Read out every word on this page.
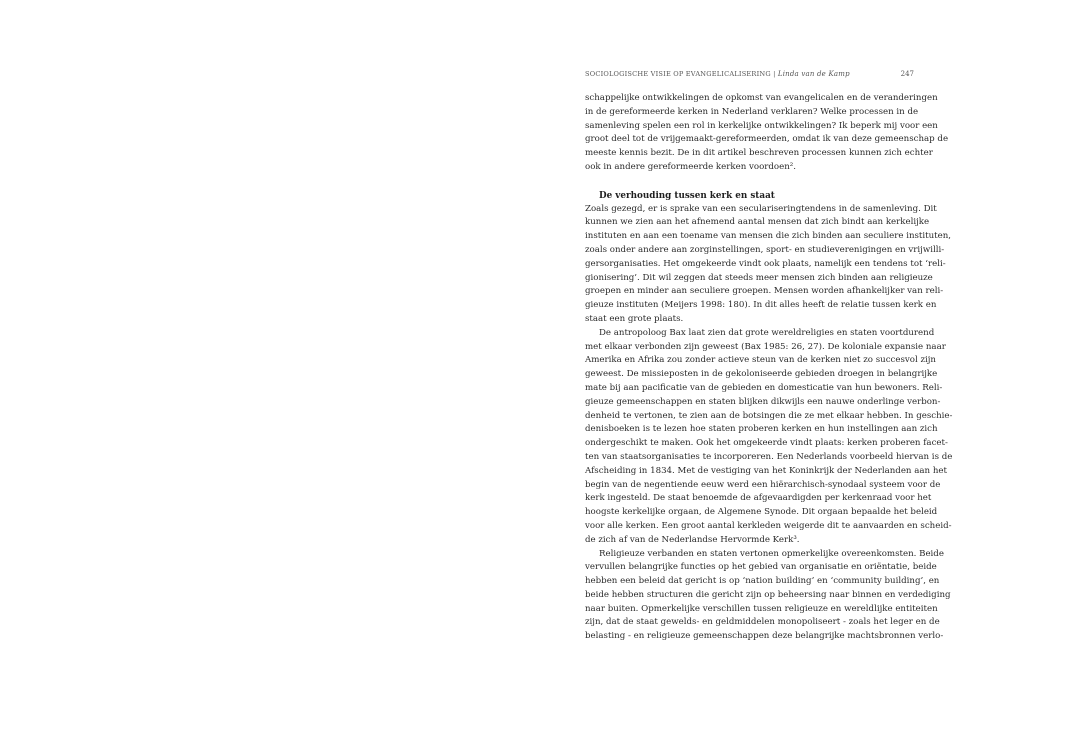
SOCIOLOGISCHE VISIE OP EVANGELICALISERING | Linda van de Kamp	247
schappelijke ontwikkelingen de opkomst van evangelicalen en de veranderingen
in de gereformeerde kerken in Nederland verklaren? Welke processen in de
samenleving spelen een rol in kerkelijke ontwikkelingen? Ik beperk mij voor een
groot deel tot de vrijgemaakt-gereformeerden, omdat ik van deze gemeenschap de
meeste kennis bezit. De in dit artikel beschreven processen kunnen zich echter
ook in andere gereformeerde kerken voordoen².
De verhouding tussen kerk en staat
Zoals gezegd, er is sprake van een seculariseringtendens in de samenleving. Dit
kunnen we zien aan het afnemend aantal mensen dat zich bindt aan kerkelijke
instituten en aan een toename van mensen die zich binden aan seculiere instituten,
zoals onder andere aan zorginstellingen, sport- en studieverenigingen en vrijwilli-
gersorganisaties. Het omgekeerde vindt ook plaats, namelijk een tendens tot ‘reli-
gionisering’. Dit wil zeggen dat steeds meer mensen zich binden aan religieuze
groepen en minder aan seculiere groepen. Mensen worden afhankelijker van reli-
gieuze instituten (Meijers 1998: 180). In dit alles heeft de relatie tussen kerk en
staat een grote plaats.
De antropoloog Bax laat zien dat grote wereldreligies en staten voortdurend
met elkaar verbonden zijn geweest (Bax 1985: 26, 27). De koloniale expansie naar
Amerika en Afrika zou zonder actieve steun van de kerken niet zo succesvol zijn
geweest. De missieposten in de gekoloniseerde gebieden droegen in belangrijke
mate bij aan pacificatie van de gebieden en domesticatie van hun bewoners. Reli-
gieuze gemeenschappen en staten blijken dikwijls een nauwe onderlinge verbon-
denheid te vertonen, te zien aan de botsingen die ze met elkaar hebben. In geschie-
denisboeken is te lezen hoe staten proberen kerken en hun instellingen aan zich
ondergeschikt te maken. Ook het omgekeerde vindt plaats: kerken proberen facet-
ten van staatsorganisaties te incorporeren. Een Nederlands voorbeeld hiervan is de
Afscheiding in 1834. Met de vestiging van het Koninkrijk der Nederlanden aan het
begin van de negentiende eeuw werd een hiërarchisch-synodaal systeem voor de
kerk ingesteld. De staat benoemde de afgevaardigden per kerkenraad voor het
hoogste kerkelijke orgaan, de Algemene Synode. Dit orgaan bepaalde het beleid
voor alle kerken. Een groot aantal kerkleden weigerde dit te aanvaarden en scheid-
de zich af van de Nederlandse Hervormde Kerk³.
Religieuze verbanden en staten vertonen opmerkelijke overeenkomsten. Beide
vervullen belangrijke functies op het gebied van organisatie en oriëntatie, beide
hebben een beleid dat gericht is op ‘nation building’ en ‘community building’, en
beide hebben structuren die gericht zijn op beheersing naar binnen en verdediging
naar buiten. Opmerkelijke verschillen tussen religieuze en wereldlijke entiteiten
zijn, dat de staat gewelds- en geldmiddelen monopoliseert - zoals het leger en de
belasting - en religieuze gemeenschappen deze belangrijke machtsbronnen verlo-
